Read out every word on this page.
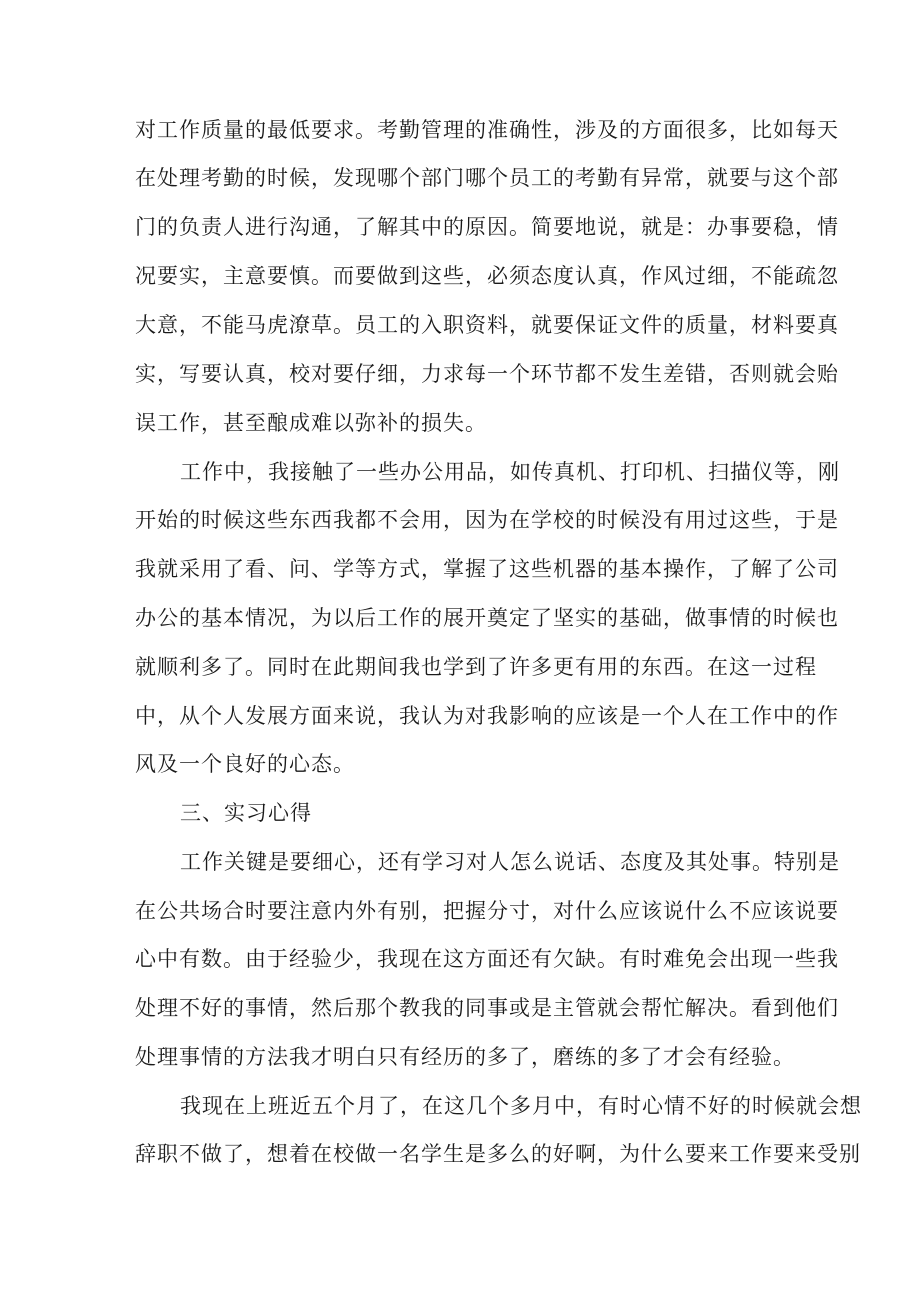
对工作质量的最低要求。考勤管理的准确性，涉及的方面很多，比如每天
在处理考勤的时候，发现哪个部门哪个员工的考勤有异常，就要与这个部
门的负责人进行沟通，了解其中的原因。简要地说，就是：办事要稳，情
况要实，主意要慎。而要做到这些，必须态度认真，作风过细，不能疏忽
大意，不能马虎潦草。员工的入职资料，就要保证文件的质量，材料要真
实，写要认真，校对要仔细，力求每一个环节都不发生差错，否则就会贻
误工作，甚至酿成难以弥补的损失。
工作中，我接触了一些办公用品，如传真机、打印机、扫描仪等，刚
开始的时候这些东西我都不会用，因为在学校的时候没有用过这些，于是
我就采用了看、问、学等方式，掌握了这些机器的基本操作，了解了公司
办公的基本情况，为以后工作的展开奠定了坚实的基础，做事情的时候也
就顺利多了。同时在此期间我也学到了许多更有用的东西。在这一过程
中，从个人发展方面来说，我认为对我影响的应该是一个人在工作中的作
风及一个良好的心态。
三、实习心得
工作关键是要细心，还有学习对人怎么说话、态度及其处事。特别是
在公共场合时要注意内外有别，把握分寸，对什么应该说什么不应该说要
心中有数。由于经验少，我现在这方面还有欠缺。有时难免会出现一些我
处理不好的事情，然后那个教我的同事或是主管就会帮忙解决。看到他们
处理事情的方法我才明白只有经历的多了，磨练的多了才会有经验。
我现在上班近五个月了，在这几个多月中，有时心情不好的时候就会想
辞职不做了，想着在校做一名学生是多么的好啊，为什么要来工作要来受别
